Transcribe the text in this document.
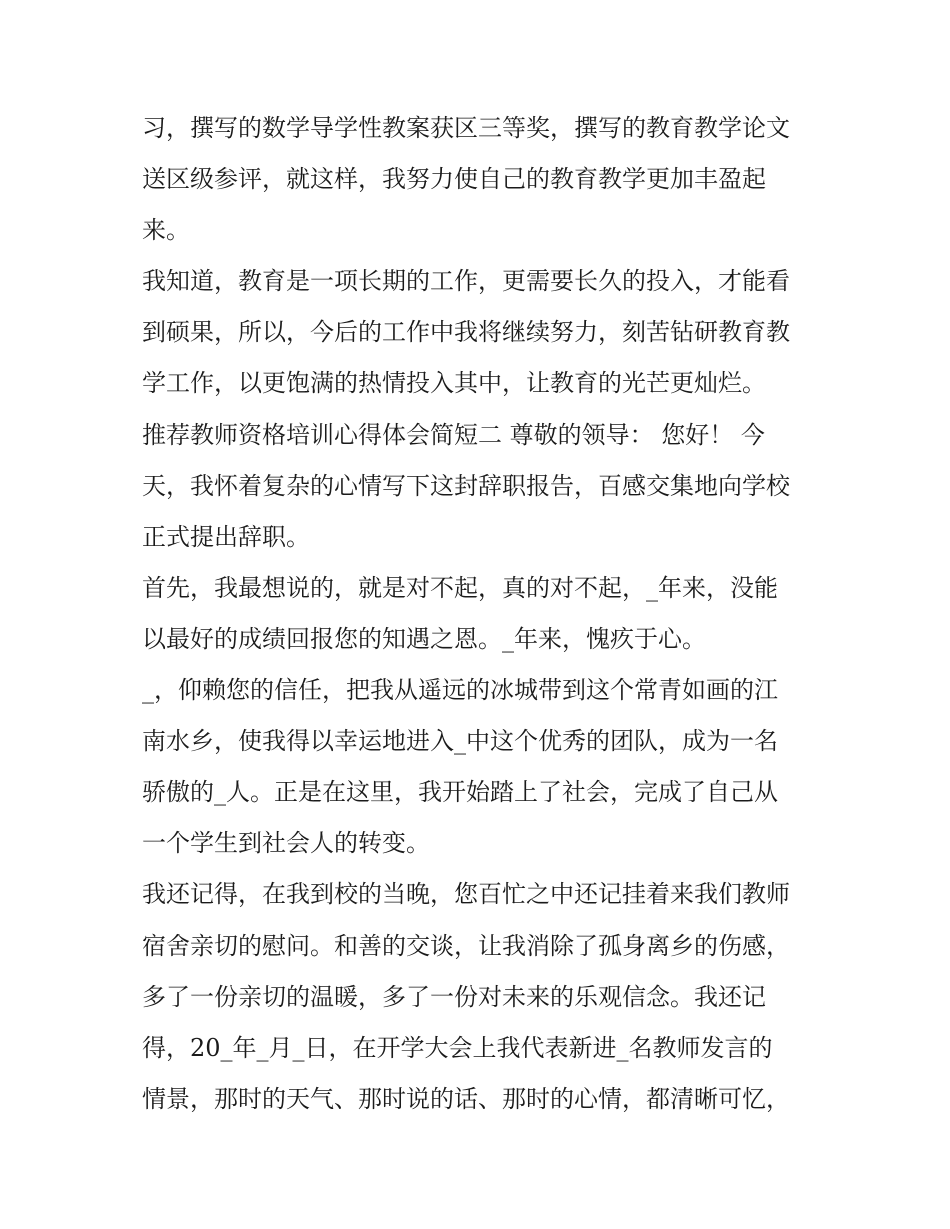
习，撰写的数学导学性教案获区三等奖，撰写的教育教学论文
送区级参评，就这样，我努力使自己的教育教学更加丰盈起
来。
我知道，教育是一项长期的工作，更需要长久的投入，才能看
到硕果，所以，今后的工作中我将继续努力，刻苦钻研教育教
学工作，以更饱满的热情投入其中，让教育的光芒更灿烂。
推荐教师资格培训心得体会简短二 尊敬的领导： 您好！ 今
天，我怀着复杂的心情写下这封辞职报告，百感交集地向学校
正式提出辞职。
首先，我最想说的，就是对不起，真的对不起，_年来，没能
以最好的成绩回报您的知遇之恩。_年来，愧疚于心。
_，仰赖您的信任，把我从遥远的冰城带到这个常青如画的江
南水乡，使我得以幸运地进入_中这个优秀的团队，成为一名
骄傲的_人。正是在这里，我开始踏上了社会，完成了自己从
一个学生到社会人的转变。
我还记得，在我到校的当晚，您百忙之中还记挂着来我们教师
宿舍亲切的慰问。和善的交谈，让我消除了孤身离乡的伤感，
多了一份亲切的温暖，多了一份对未来的乐观信念。我还记
得，20_年_月_日，在开学大会上我代表新进_名教师发言的
情景，那时的天气、那时说的话、那时的心情，都清晰可忆，
